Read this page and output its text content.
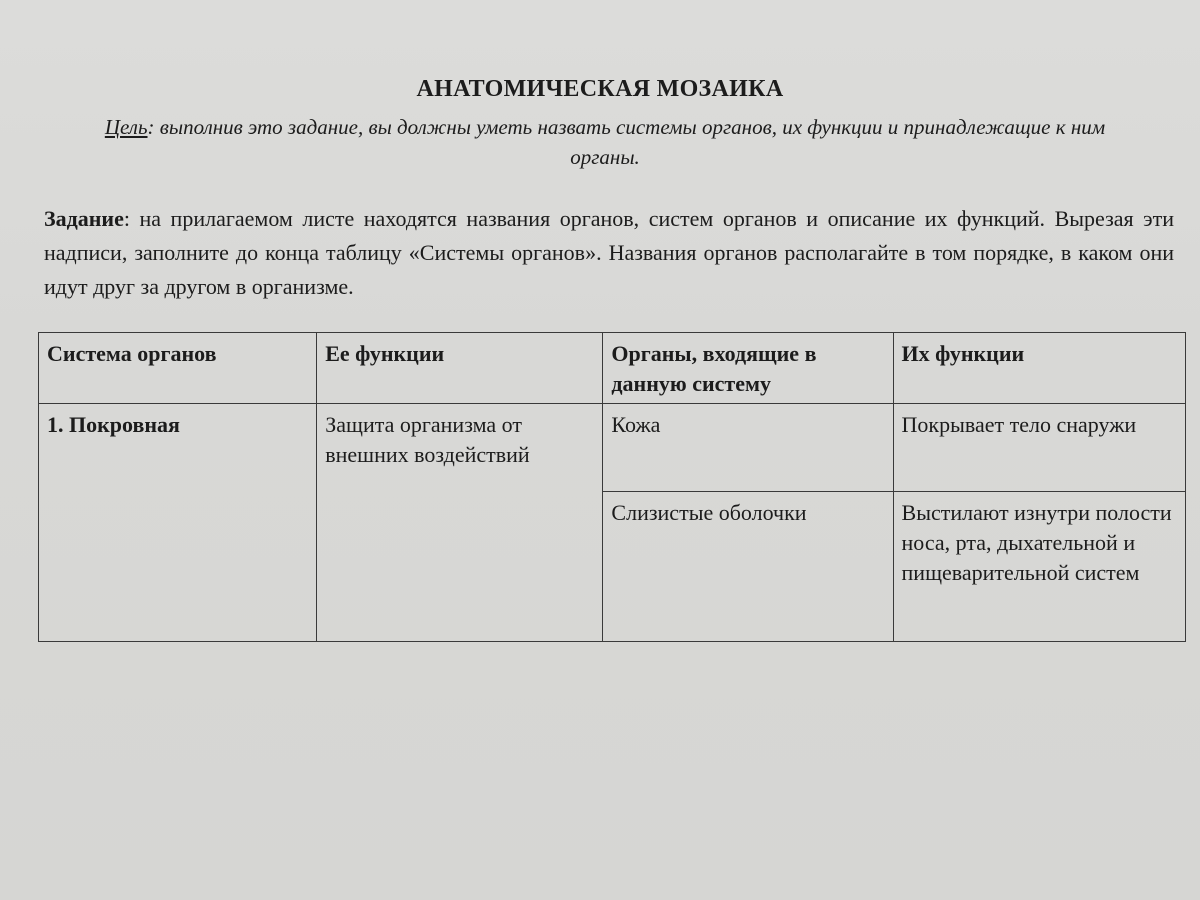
АНАТОМИЧЕСКАЯ МОЗАИКА
Цель: выполнив это задание, вы должны уметь назвать системы органов, их функции и принадлежащие к ним органы.
Задание: на прилагаемом листе находятся названия органов, систем органов и описание их функций. Вырезая эти надписи, заполните до конца таблицу «Системы органов». Названия органов располагайте в том порядке, в каком они идут друг за другом в организме.
Система органов	Ее функции	Органы, входящие в данную систему	Их функции
1. Покровная	Защита организма от внешних воздействий	Кожа	Покрывает тело снаружи
		Слизистые оболочки	Выстилают изнутри полости носа, рта, дыхательной и пищеварительной систем
